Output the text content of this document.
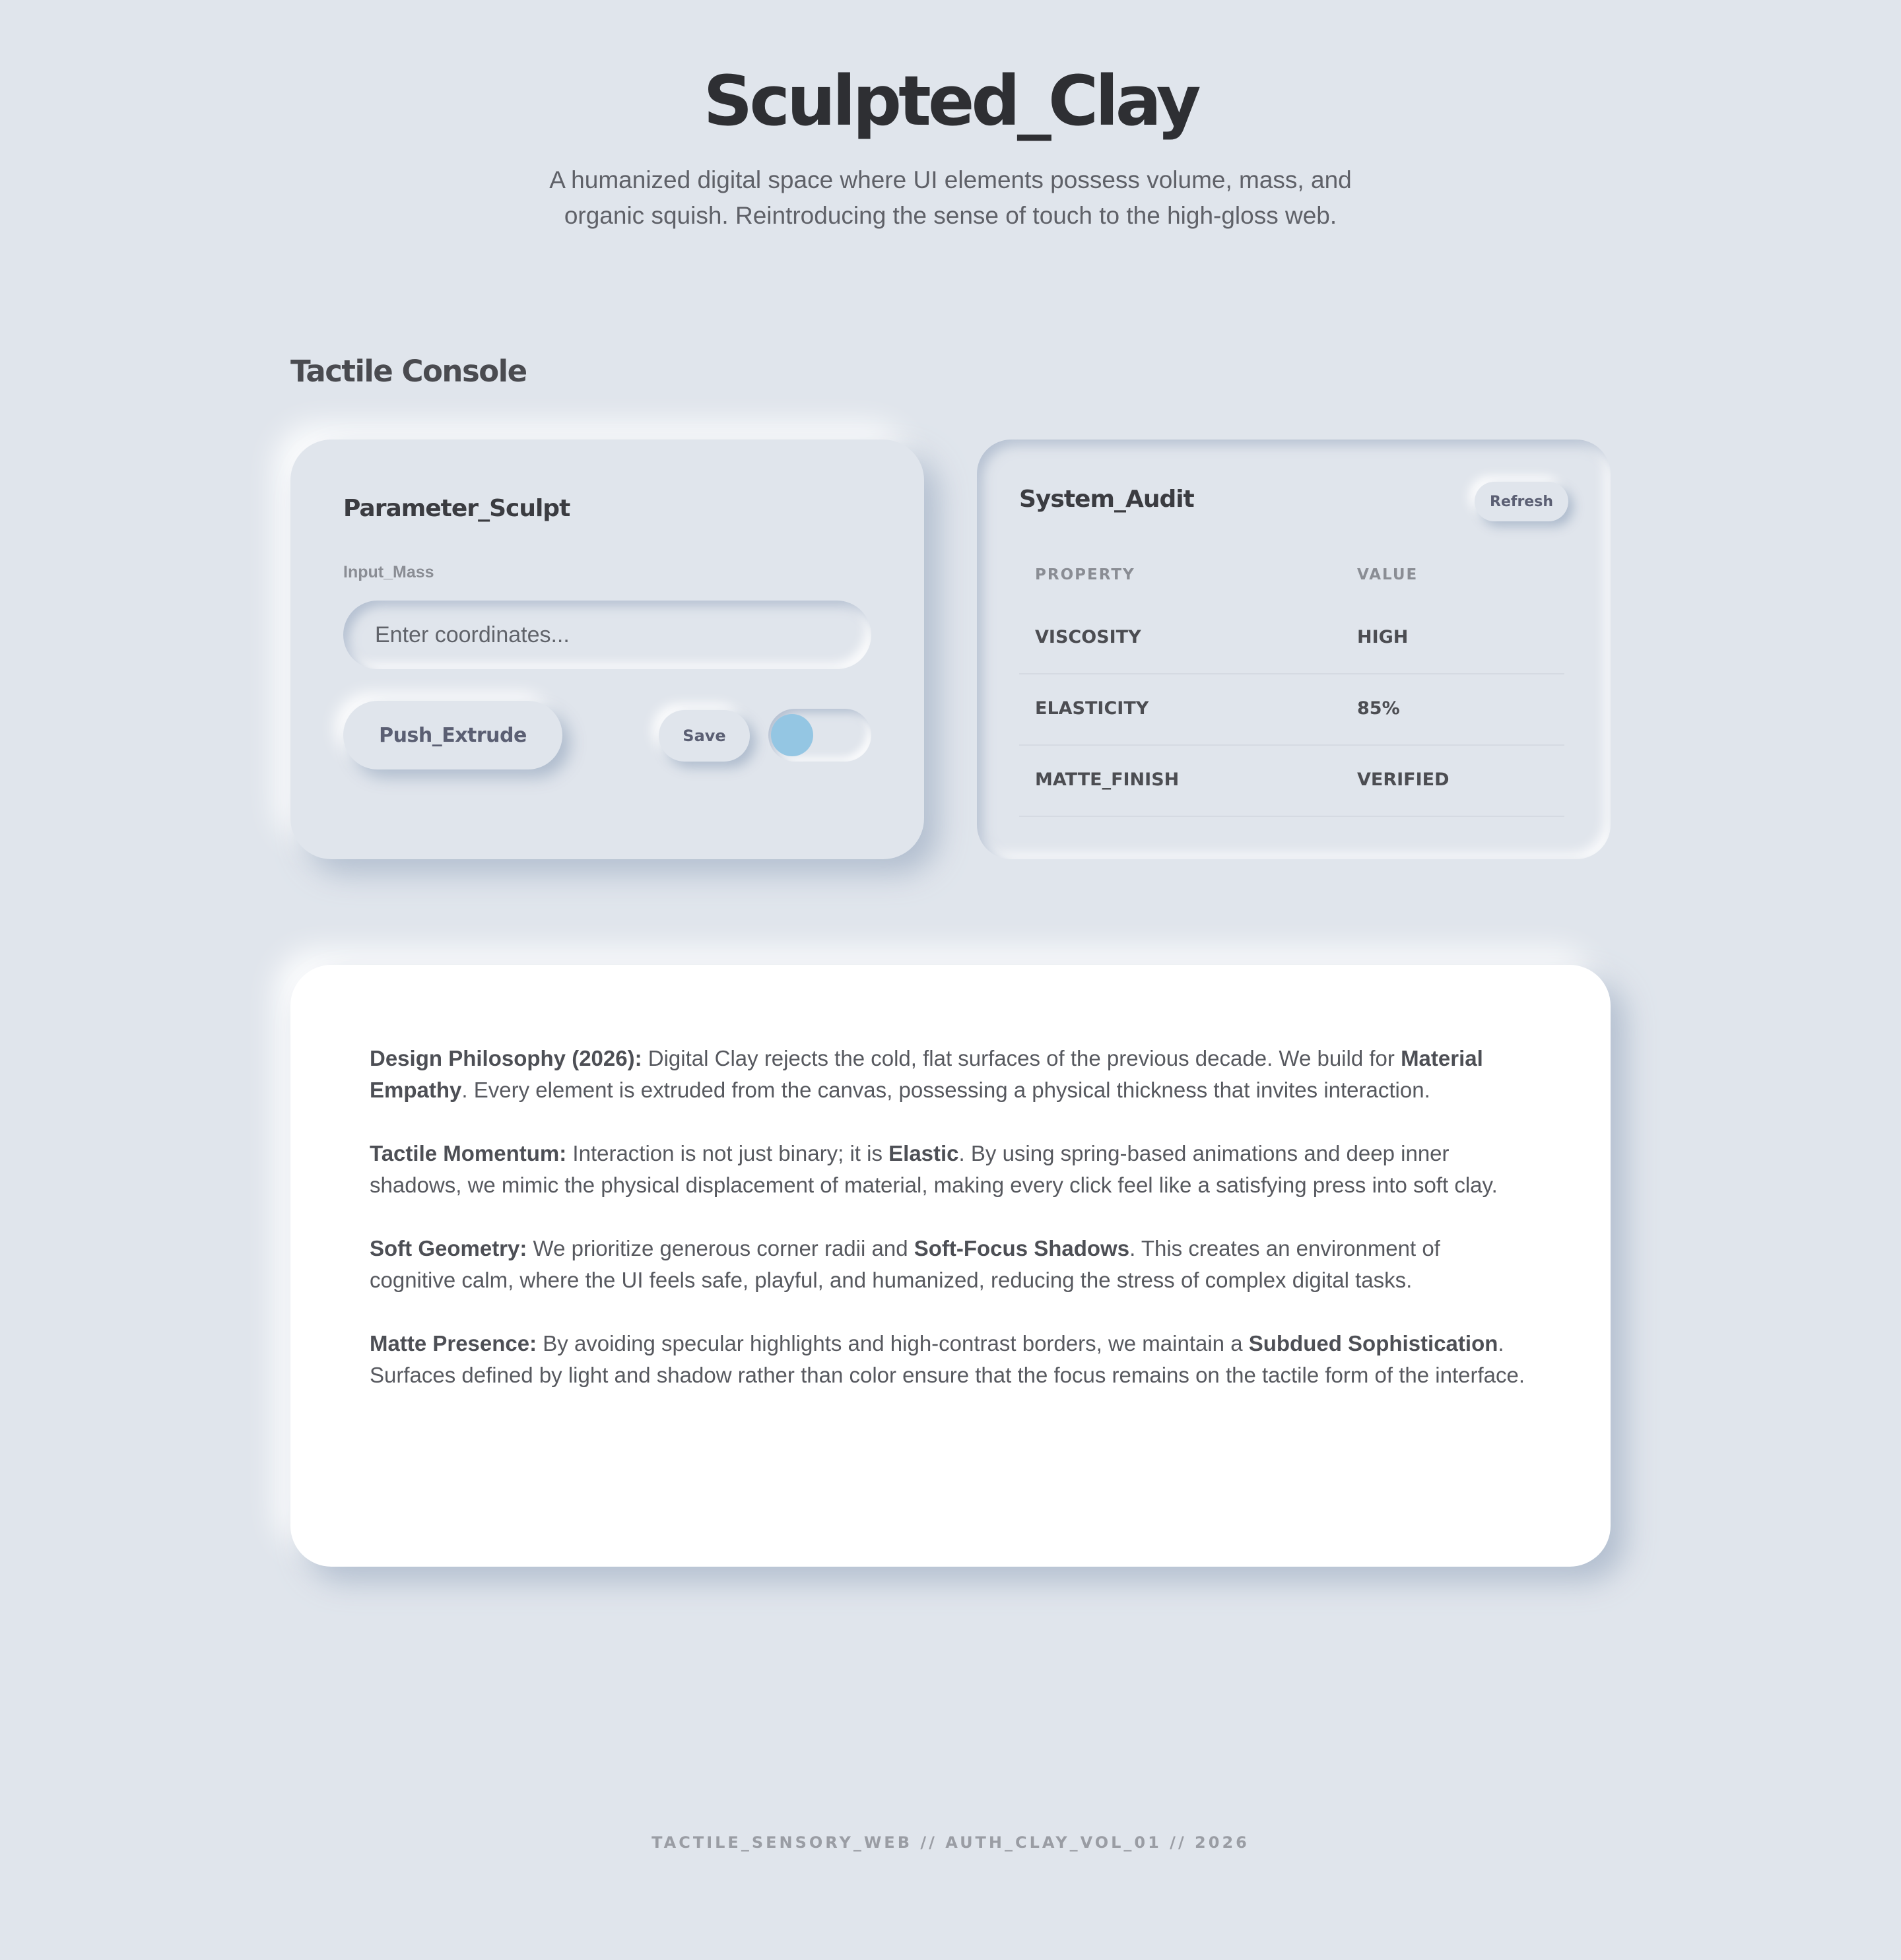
Sculpted_Clay
A humanized digital space where UI elements possess volume, mass, and organic squish. Reintroducing the sense of touch to the high-gloss web.
Tactile Console
Parameter_Sculpt
Input_Mass
Enter coordinates...
Push_Extrude	Save
System_Audit	Refresh
PROPERTY	VALUE
VISCOSITY	HIGH
ELASTICITY	85%
MATTE_FINISH	VERIFIED

Design Philosophy (2026): Digital Clay rejects the cold, flat surfaces of the previous decade. We build for Material Empathy. Every element is extruded from the canvas, possessing a physical thickness that invites interaction.

Tactile Momentum: Interaction is not just binary; it is Elastic. By using spring-based animations and deep inner shadows, we mimic the physical displacement of material, making every click feel like a satisfying press into soft clay.

Soft Geometry: We prioritize generous corner radii and Soft-Focus Shadows. This creates an environment of cognitive calm, where the UI feels safe, playful, and humanized, reducing the stress of complex digital tasks.

Matte Presence: By avoiding specular highlights and high-contrast borders, we maintain a Subdued Sophistication. Surfaces defined by light and shadow rather than color ensure that the focus remains on the tactile form of the interface.

TACTILE_SENSORY_WEB // AUTH_CLAY_VOL_01 // 2026
